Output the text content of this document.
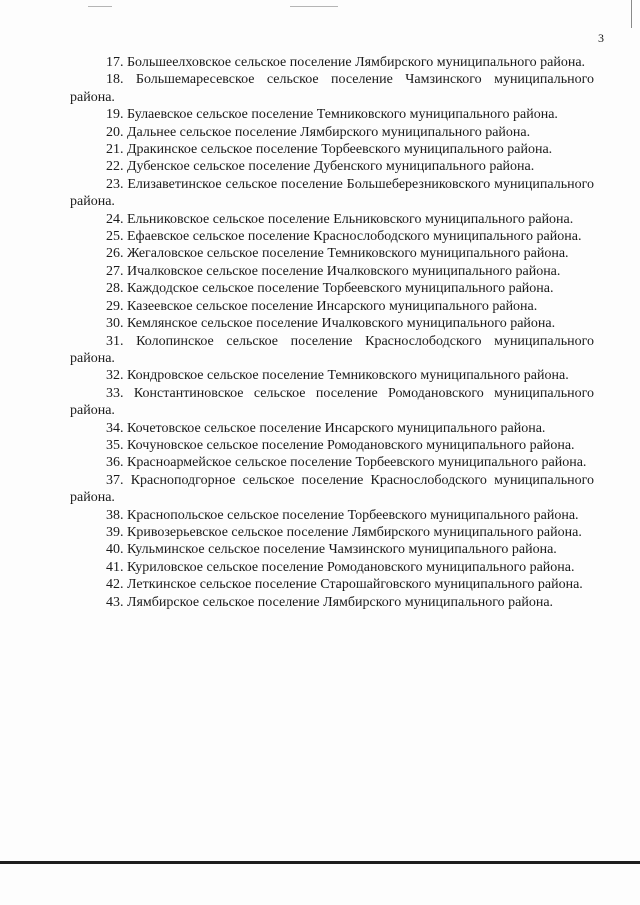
3

17. Большеелховское сельское поселение Лямбирского муниципального района.

18. Большемаресевское сельское поселение Чамзинского муниципального района.

19. Булаевское сельское поселение Темниковского муниципального района.

20. Дальнее сельское поселение Лямбирского муниципального района.

21. Дракинское сельское поселение Торбеевского муниципального района.

22. Дубенское сельское поселение Дубенского муниципального района.

23. Елизаветинское сельское поселение Большеберезниковского муниципального района.

24. Ельниковское сельское поселение Ельниковского муниципального района.

25. Ефаевское сельское поселение Краснослободского муниципального района.

26. Жегаловское сельское поселение Темниковского муниципального района.

27. Ичалковское сельское поселение Ичалковского муниципального района.

28. Каждодское сельское поселение Торбеевского муниципального района.

29. Казеевское сельское поселение Инсарского муниципального района.

30. Кемлянское сельское поселение Ичалковского муниципального района.

31. Колопинское сельское поселение Краснослободского муниципального района.

32. Кондровское сельское поселение Темниковского муниципального района.

33. Константиновское сельское поселение Ромодановского муниципального района.

34. Кочетовское сельское поселение Инсарского муниципального района.

35. Кочуновское сельское поселение Ромодановского муниципального района.

36. Красноармейское сельское поселение Торбеевского муниципального района.

37. Красноподгорное сельское поселение Краснослободского муниципального района.

38. Краснопольское сельское поселение Торбеевского муниципального района.

39. Кривозерьевское сельское поселение Лямбирского муниципального района.

40. Кульминское сельское поселение Чамзинского муниципального района.

41. Куриловское сельское поселение Ромодановского муниципального района.

42. Леткинское сельское поселение Старошайговского муниципального района.

43. Лямбирское сельское поселение Лямбирского муниципального района.
